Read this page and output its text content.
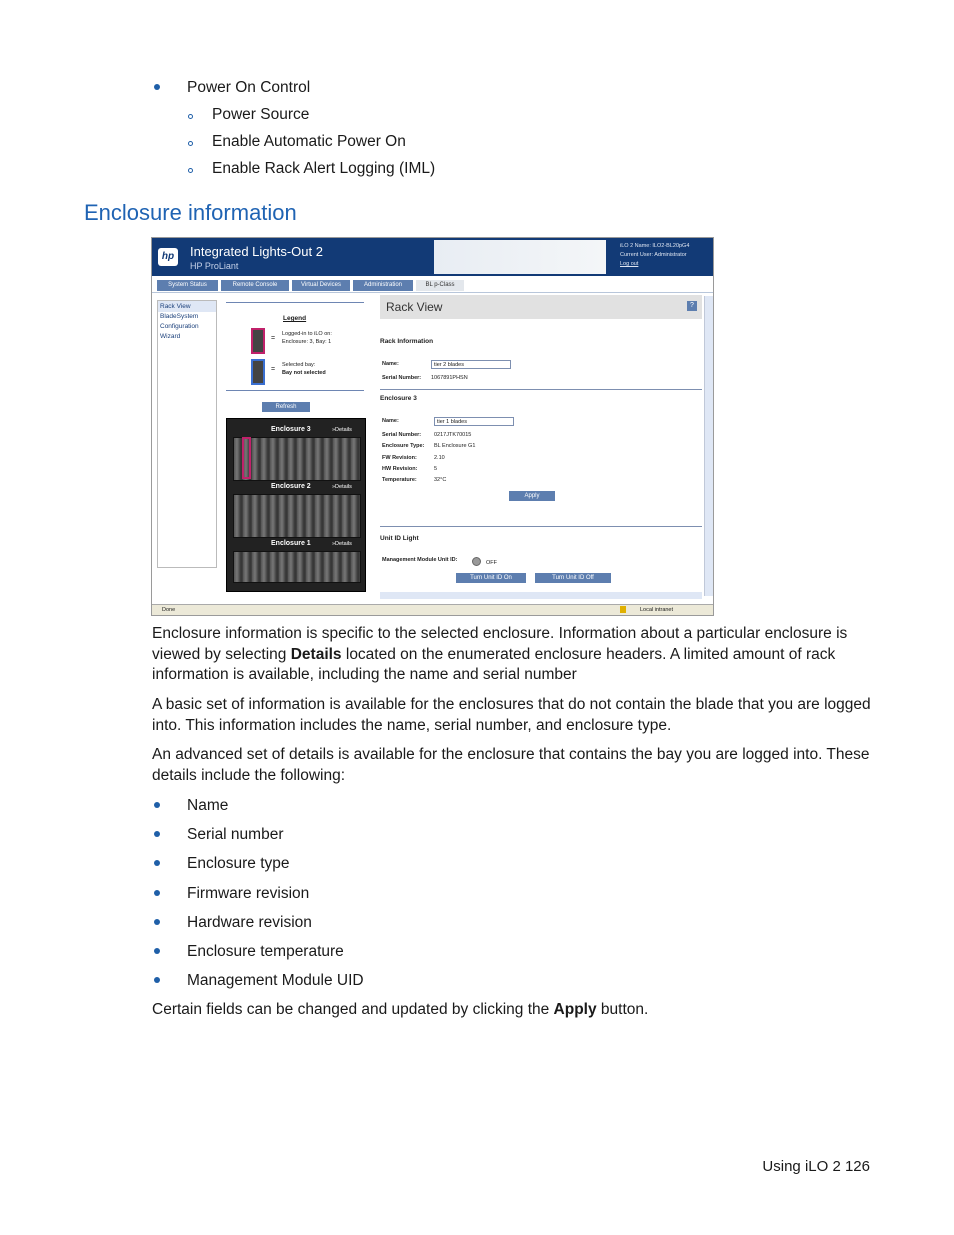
Power On Control
Power Source
Enable Automatic Power On
Enable Rack Alert Logging (IML)
Enclosure information
hp Integrated Lights-Out 2
HP ProLiant
iLO 2 Name: ILO2-BL20pG4
Current User: Administrator
Log out
System Status	Remote Console	Virtual Devices	Administration	BL p-Class
Rack View
BladeSystem
Configuration
Wizard
Legend
=
Logged-in to iLO on:
Enclosure: 3, Bay: 1
=
Selected bay:
Bay not selected
Refresh
Enclosure 3	»Details
Enclosure 2	»Details
Enclosure 1	»Details
Rack View	?
Rack Information
Name:	tier 2 blades
Serial Number: 1067891PHSN
Enclosure 3
Name:	tier 1 blades
Serial Number: 0217JTK70015
Enclosure Type: BL Enclosure G1
FW Revision:	2.10
HW Revision:	5
Temperature:	32°C
Apply
Unit ID Light
Management Module Unit ID:	OFF
Turn Unit ID On	Turn Unit ID Off
Done	Local intranet

Enclosure information is specific to the selected enclosure. Information about a particular enclosure is viewed by selecting Details located on the enumerated enclosure headers. A limited amount of rack information is available, including the name and serial number

A basic set of information is available for the enclosures that do not contain the blade that you are logged into. This information includes the name, serial number, and enclosure type.

An advanced set of details is available for the enclosure that contains the bay you are logged into. These details include the following:

Name
Serial number
Enclosure type
Firmware revision
Hardware revision
Enclosure temperature
Management Module UID

Certain fields can be changed and updated by clicking the Apply button.

Using iLO 2 126
